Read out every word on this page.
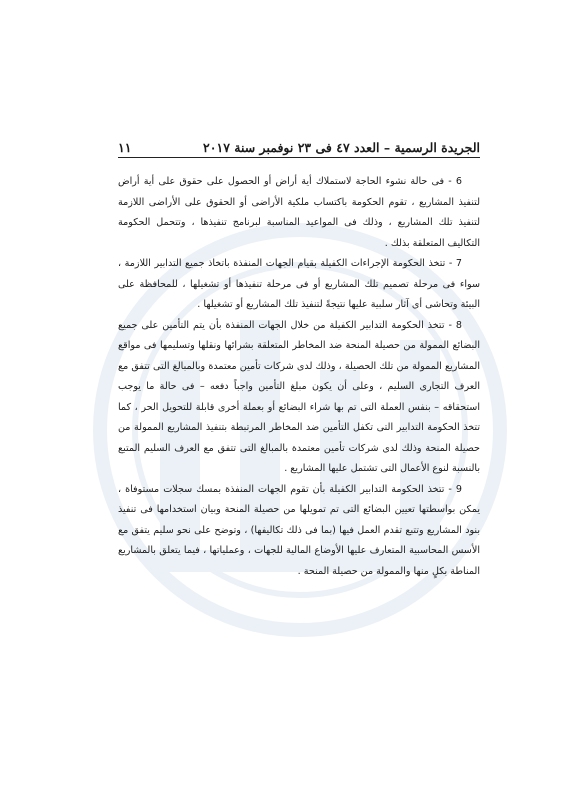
الجريدة الرسمية – العدد ٤٧ فى ٢٣ نوفمبر سنة ٢٠١٧
١١

6 - فى حالة نشوء الحاجة لاستملاك أية أراض أو الحصول على حقوق على أية أراض لتنفيذ المشاريع ، تقوم الحكومة باكتساب ملكية الأراضى أو الحقوق على الأراضى اللازمة لتنفيذ تلك المشاريع ، وذلك فى المواعيد المناسبة لبرنامج تنفيذها ، وتتحمل الحكومة التكاليف المتعلقة بذلك .

7 - تتخذ الحكومة الإجراءات الكفيلة بقيام الجهات المنفذة باتخاذ جميع التدابير اللازمة ، سواء فى مرحلة تصميم تلك المشاريع أو فى مرحلة تنفيذها أو تشغيلها ، للمحافظة على البيئة وتحاشى أى آثار سلبية عليها نتيجةً لتنفيذ تلك المشاريع أو تشغيلها .

8 - تتخذ الحكومة التدابير الكفيلة من خلال الجهات المنفذة بأن يتم التأمين على جميع البضائع الممولة من حصيلة المنحة ضد المخاطر المتعلقة بشرائها ونقلها وتسليمها فى مواقع المشاريع الممولة من تلك الحصيلة ، وذلك لدى شركات تأمين معتمدة وبالمبالغ التى تتفق مع العرف التجارى السليم ، وعلى أن يكون مبلغ التأمين واجباً دفعه – فى حالة ما يوجب استحقاقه – بنفس العملة التى تم بها شراء البضائع أو بعملة أخرى قابلة للتحويل الحر ، كما تتخذ الحكومة التدابير التى تكفل التأمين ضد المخاطر المرتبطة بتنفيذ المشاريع الممولة من حصيلة المنحة وذلك لدى شركات تأمين معتمدة بالمبالغ التى تتفق مع العرف السليم المتبع بالنسبة لنوع الأعمال التى تشتمل عليها المشاريع .

9 - تتخذ الحكومة التدابير الكفيلة بأن تقوم الجهات المنفذة بمسك سجلات مستوفاة ، يمكن بواسطتها تعيين البضائع التى تم تمويلها من حصيلة المنحة وبيان استخدامها فى تنفيذ بنود المشاريع وتتبع تقدم العمل فيها (بما فى ذلك تكاليفها) ، وتوضح على نحو سليم يتفق مع الأسس المحاسبية المتعارف عليها الأوضاع المالية للجهات ، وعملياتها ، فيما يتعلق بالمشاريع المناطة بكلٍ منها والممولة من حصيلة المنحة .
